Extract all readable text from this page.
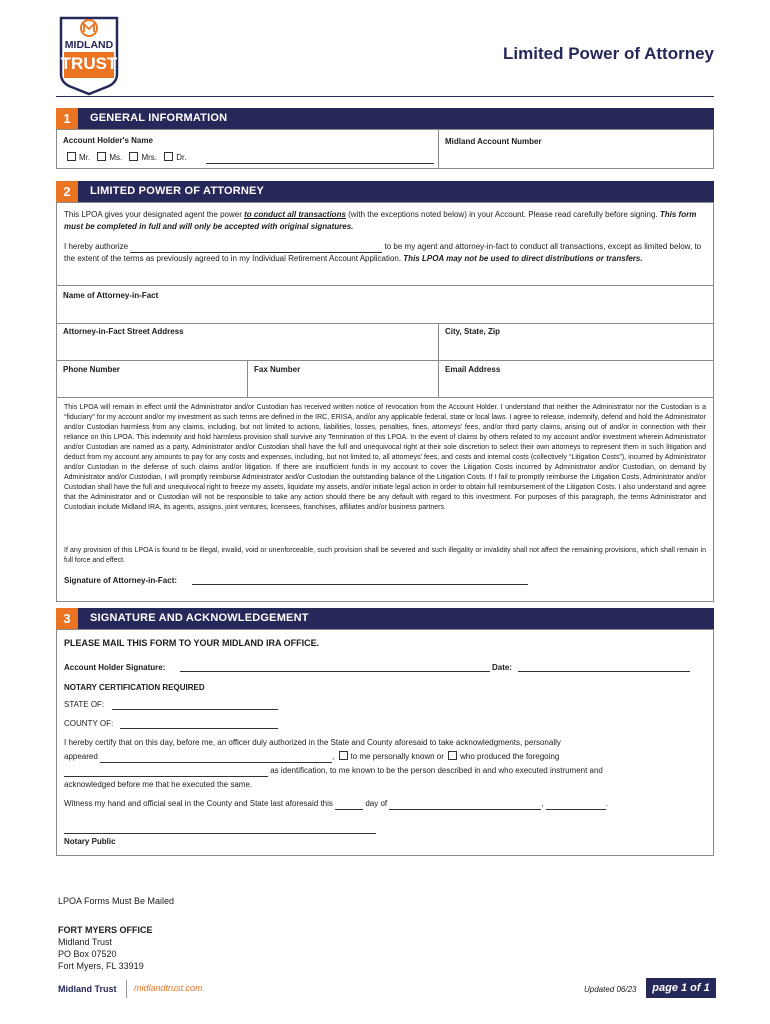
MIDLAND
TRUST
Limited Power of Attorney
1	GENERAL INFORMATION
Account Holder's Name	Midland Account Number
Mr. Ms. Mrs. Dr.
2	LIMITED POWER OF ATTORNEY
This LPOA gives your designated agent the power to conduct all transactions (with the exceptions noted below) in your Account. Please read carefully before signing. This form must be completed in full and will only be accepted with original signatures.
I hereby authorize	to be my agent and attorney-in-fact to conduct all transactions, except as limited below, to the extent of the terms as previously agreed to in my Individual Retirement Account Application. This LPOA may not be used to direct distributions or transfers.
Name of Attorney-in-Fact
Attorney-in-Fact Street Address	City, State, Zip
Phone Number	Fax Number	Email Address
This LPOA will remain in effect until the Administrator and/or Custodian has received written notice of revocation from the Account Holder. I understand that neither the Administrator nor the Custodian is a “fiduciary” for my account and/or my investment as such terms are defined in the IRC, ERISA, and/or any applicable federal, state or local laws. I agree to release, indemnify, defend and hold the Administrator and/or Custodian harmless from any claims, including, but not limited to actions, liabilities, losses, penalties, fines, attorneys’ fees, and/or third party claims, arising out of and/or in connection with their reliance on this LPOA. This indemnity and hold harmless provision shall survive any Termination of this LPOA. In the event of claims by others related to my account and/or investment wherein Administrator and/or Custodian are named as a party, Administrator and/or Custodian shall have the full and unequivocal right at their sole discretion to select their own attorneys to represent them in such litigation and deduct from my account any amounts to pay for any costs and expenses, including, but not limited to, all attorneys’ fees, and costs and internal costs (collectively “Litigation Costs”), incurred by Administrator and/or Custodian in the defense of such claims and/or litigation. If there are insufficient funds in my account to cover the Litigation Costs incurred by Administrator and/or Custodian, on demand by Administrator and/or Custodian, I will promptly reimburse Administrator and/or Custodian the outstanding balance of the Litigation Costs. If I fail to promptly reimburse the Litigation Costs, Administrator and/or Custodian shall have the full and unequivocal right to freeze my assets, liquidate my assets, and/or initiate legal action in order to obtain full reimbursement of the Litigation Costs. I also understand and agree that the Administrator and or Custodian will not be responsible to take any action should there be any default with regard to this investment. For purposes of this paragraph, the terms Administrator and Custodian include Midland IRA, its agents, assigns, joint ventures, licensees, franchises, affiliates and/or business partners.
If any provision of this LPOA is found to be illegal, invalid, void or unenforceable, such provision shall be severed and such illegality or invalidity shall not affect the remaining provisions, which shall remain in full force and effect.
Signature of Attorney-in-Fact:
3	SIGNATURE AND ACKNOWLEDGEMENT
PLEASE MAIL THIS FORM TO YOUR MIDLAND IRA OFFICE.
Account Holder Signature:	Date:
NOTARY CERTIFICATION REQUIRED
STATE OF:
COUNTY OF:
I hereby certify that on this day, before me, an officer duly authorized in the State and County aforesaid to take acknowledgments, personally
appeared	, to me personally known or who produced the foregoing
as identification, to me known to be the person described in and who executed instrument and
acknowledged before me that he executed the same.
Witness my hand and official seal in the County and State last aforesaid this	day of	,	.
Notary Public
LPOA Forms Must Be Mailed
FORT MYERS OFFICE
Midland Trust
PO Box 07520
Fort Myers, FL 33919
Midland Trust midlandtrust.com	Updated 06/23	page 1 of 1
